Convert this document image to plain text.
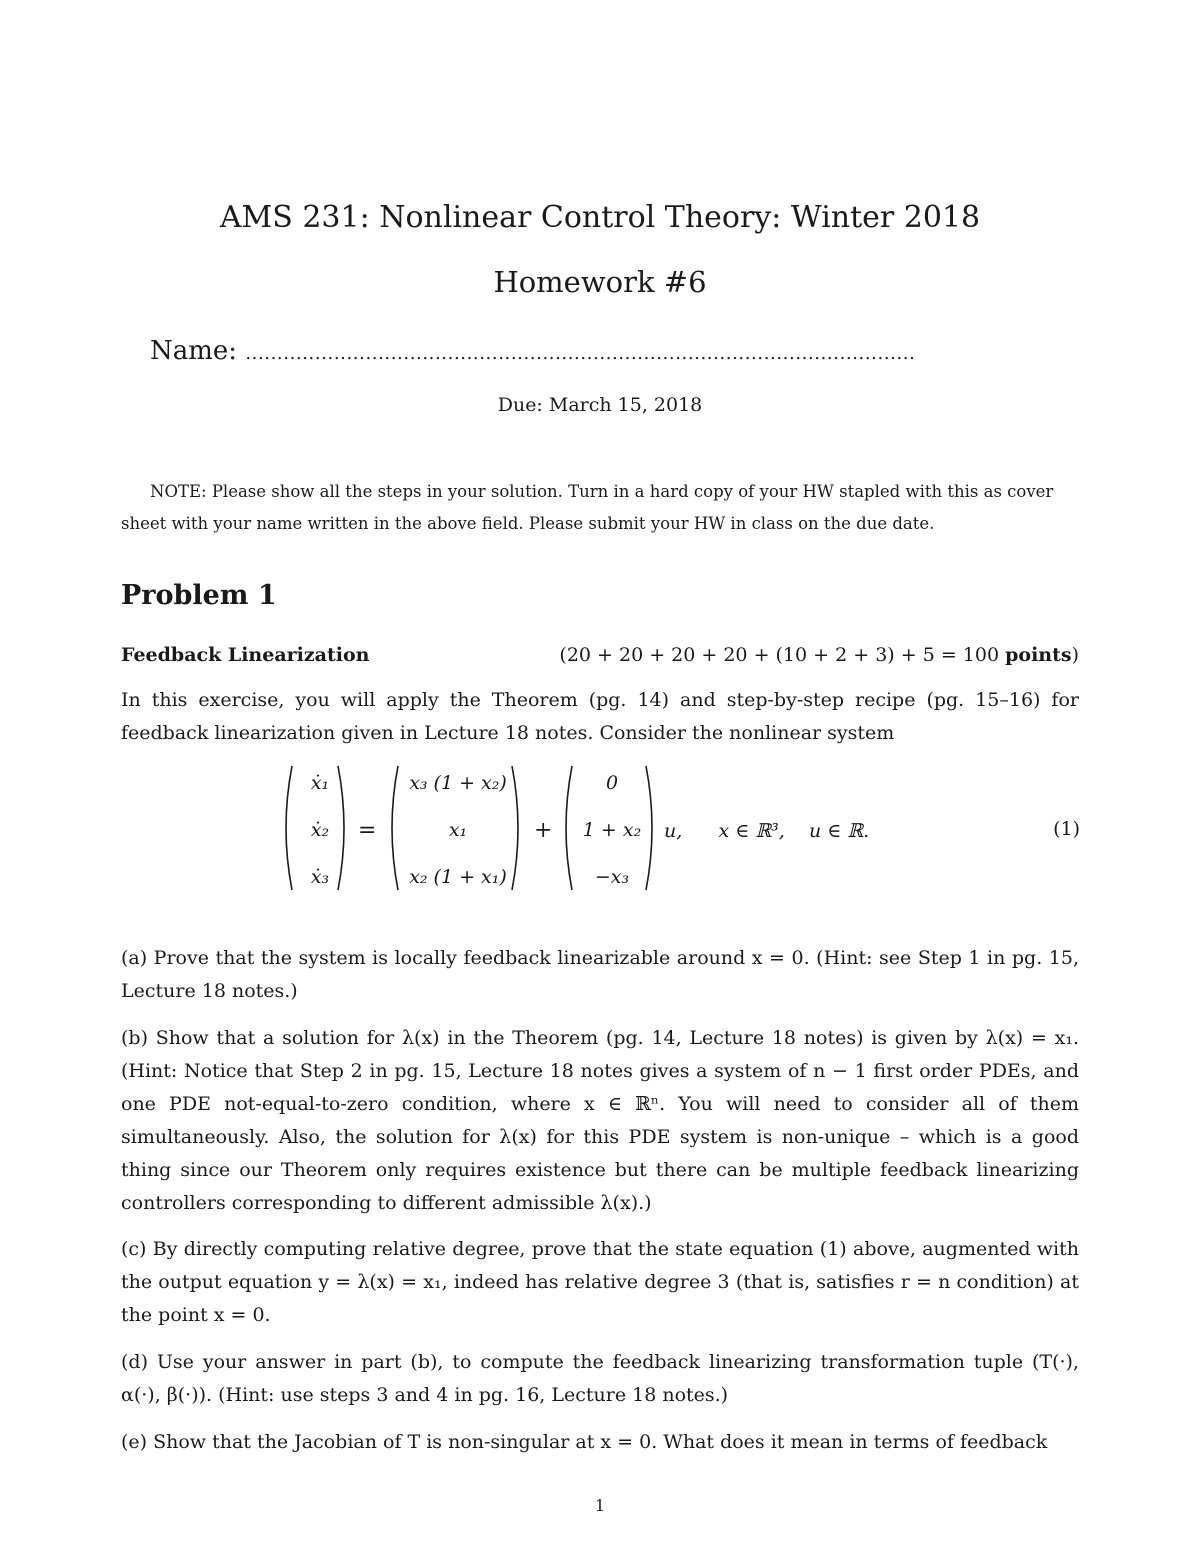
AMS 231: Nonlinear Control Theory: Winter 2018
Homework #6
Name: ..........................................................................................................
Due: March 15, 2018
NOTE: Please show all the steps in your solution. Turn in a hard copy of your HW stapled with this as cover
sheet with your name written in the above field. Please submit your HW in class on the due date.
Problem 1
Feedback Linearization	(20 + 20 + 20 + 20 + (10 + 2 + 3) + 5 = 100 points)
In this exercise, you will apply the Theorem (pg. 14) and step-by-step recipe (pg. 15–16) for feedback linearization given in Lecture 18 notes. Consider the nonlinear system
ẋ₁
ẋ₂
ẋ₃
=
x₃ (1 + x₂)
x₁
x₂ (1 + x₁)
+
0
1 + x₂
−x₃
u,      x ∈ ℝ³,    u ∈ ℝ.	(1)
(a) Prove that the system is locally feedback linearizable around x = 0. (Hint: see Step 1 in pg. 15, Lecture 18 notes.)
(b) Show that a solution for λ(x) in the Theorem (pg. 14, Lecture 18 notes) is given by λ(x) = x₁. (Hint: Notice that Step 2 in pg. 15, Lecture 18 notes gives a system of n − 1 first order PDEs, and one PDE not-equal-to-zero condition, where x ∈ ℝⁿ. You will need to consider all of them simultaneously. Also, the solution for λ(x) for this PDE system is non-unique – which is a good thing since our Theorem only requires existence but there can be multiple feedback linearizing controllers corresponding to different admissible λ(x).)
(c) By directly computing relative degree, prove that the state equation (1) above, augmented with the output equation y = λ(x) = x₁, indeed has relative degree 3 (that is, satisfies r = n condition) at the point x = 0.
(d) Use your answer in part (b), to compute the feedback linearizing transformation tuple (T(·), α(·), β(·)). (Hint: use steps 3 and 4 in pg. 16, Lecture 18 notes.)
(e) Show that the Jacobian of T is non-singular at x = 0. What does it mean in terms of feedback
1
